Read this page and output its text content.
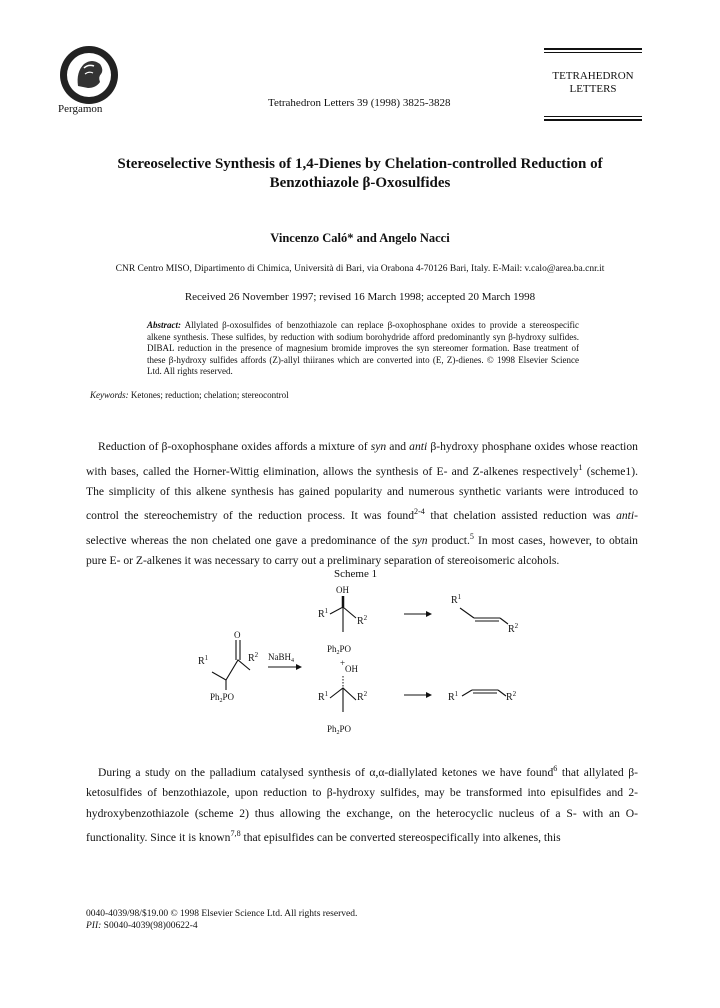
Pergamon	Tetrahedron Letters 39 (1998) 3825-3828
TETRAHEDRON
LETTERS
Stereoselective Synthesis of 1,4-Dienes by Chelation-controlled Reduction of
Benzothiazole β-Oxosulfides
Vincenzo Caló* and Angelo Nacci
CNR Centro MISO, Dipartimento di Chimica, Università di Bari, via Orabona 4-70126 Bari, Italy. E-Mail: v.calo@area.ba.cnr.it
Received 26 November 1997; revised 16 March 1998; accepted 20 March 1998
Abstract: Allylated β-oxosulfides of benzothiazole can replace β-oxophosphane oxides to provide a stereospecific alkene synthesis. These sulfides, by reduction with sodium borohydride afford predominantly syn β-hydroxy sulfides. DIBAL reduction in the presence of magnesium bromide improves the syn stereomer formation. Base treatment of these β-hydroxy sulfides affords (Z)-allyl thiiranes which are converted into (E, Z)-dienes. © 1998 Elsevier Science Ltd. All rights reserved.
Keywords: Ketones; reduction; chelation; stereocontrol
Reduction of β-oxophosphane oxides affords a mixture of syn and anti β-hydroxy phosphane oxides whose reaction with bases, called the Horner-Wittig elimination, allows the synthesis of E- and Z-alkenes respectively$^1$ (scheme1). The simplicity of this alkene synthesis has gained popularity and numerous synthetic variants were introduced to control the stereochemistry of the reduction process. It was found$^{2-4}$ that chelation assisted reduction was anti-selective whereas the non chelated one gave a predominance of the syn product.$^5$ In most cases, however, to obtain pure E- or Z-alkenes it was necessary to carry out a preliminary separation of stereoisomeric alcohols.
Scheme 1
OH
$R^1$
$R^2$
$Ph_2PO$
$R^1$
$R^2$
O
$R^1$	$R^2$
$Ph_2PO$
NaBH$_4$	+
OH
$R^1$	$R^2$
$Ph_2PO$
$R^1$	$R^2$
During a study on the palladium catalysed synthesis of α,α-diallylated ketones we have found$^6$ that allylated β-ketosulfides of benzothiazole, upon reduction to β-hydroxy sulfides, may be transformed into episulfides and 2-hydroxybenzothiazole (scheme 2) thus allowing the exchange, on the heterocyclic nucleus of a S- with an O-functionality. Since it is known$^{7,8}$ that episulfides can be converted stereospecifically into alkenes, this
0040-4039/98/$19.00 © 1998 Elsevier Science Ltd. All rights reserved.
PII: S0040-4039(98)00622-4
